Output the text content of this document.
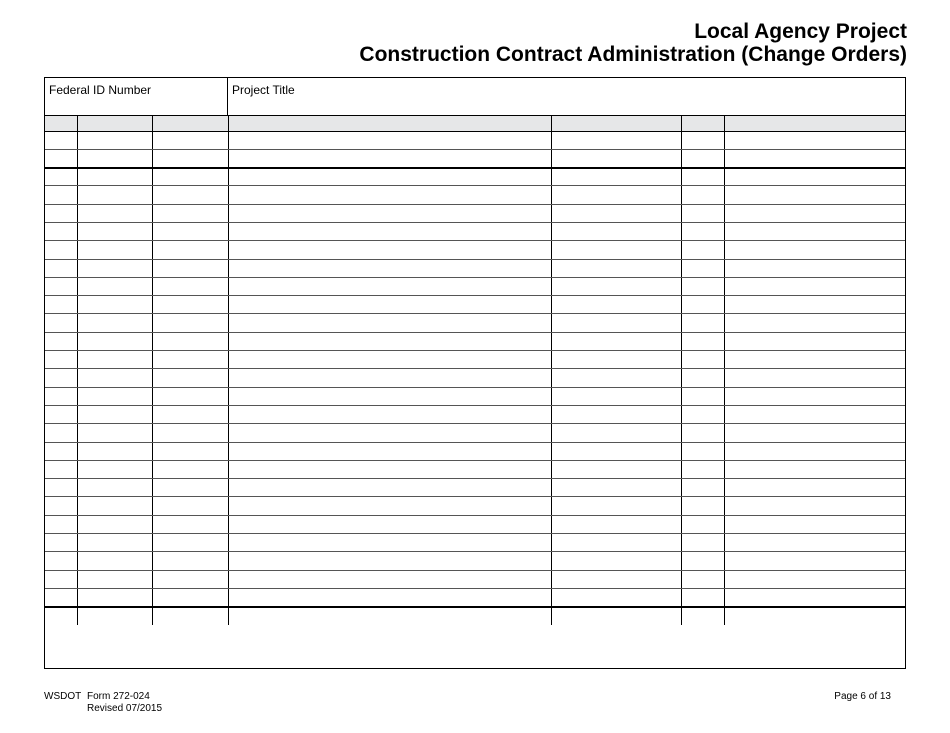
Local Agency Project
Construction Contract Administration (Change Orders)
Federal ID Number	Project Title

WSDOT Form 272-024
Revised 07/2015
Page 6 of 13
